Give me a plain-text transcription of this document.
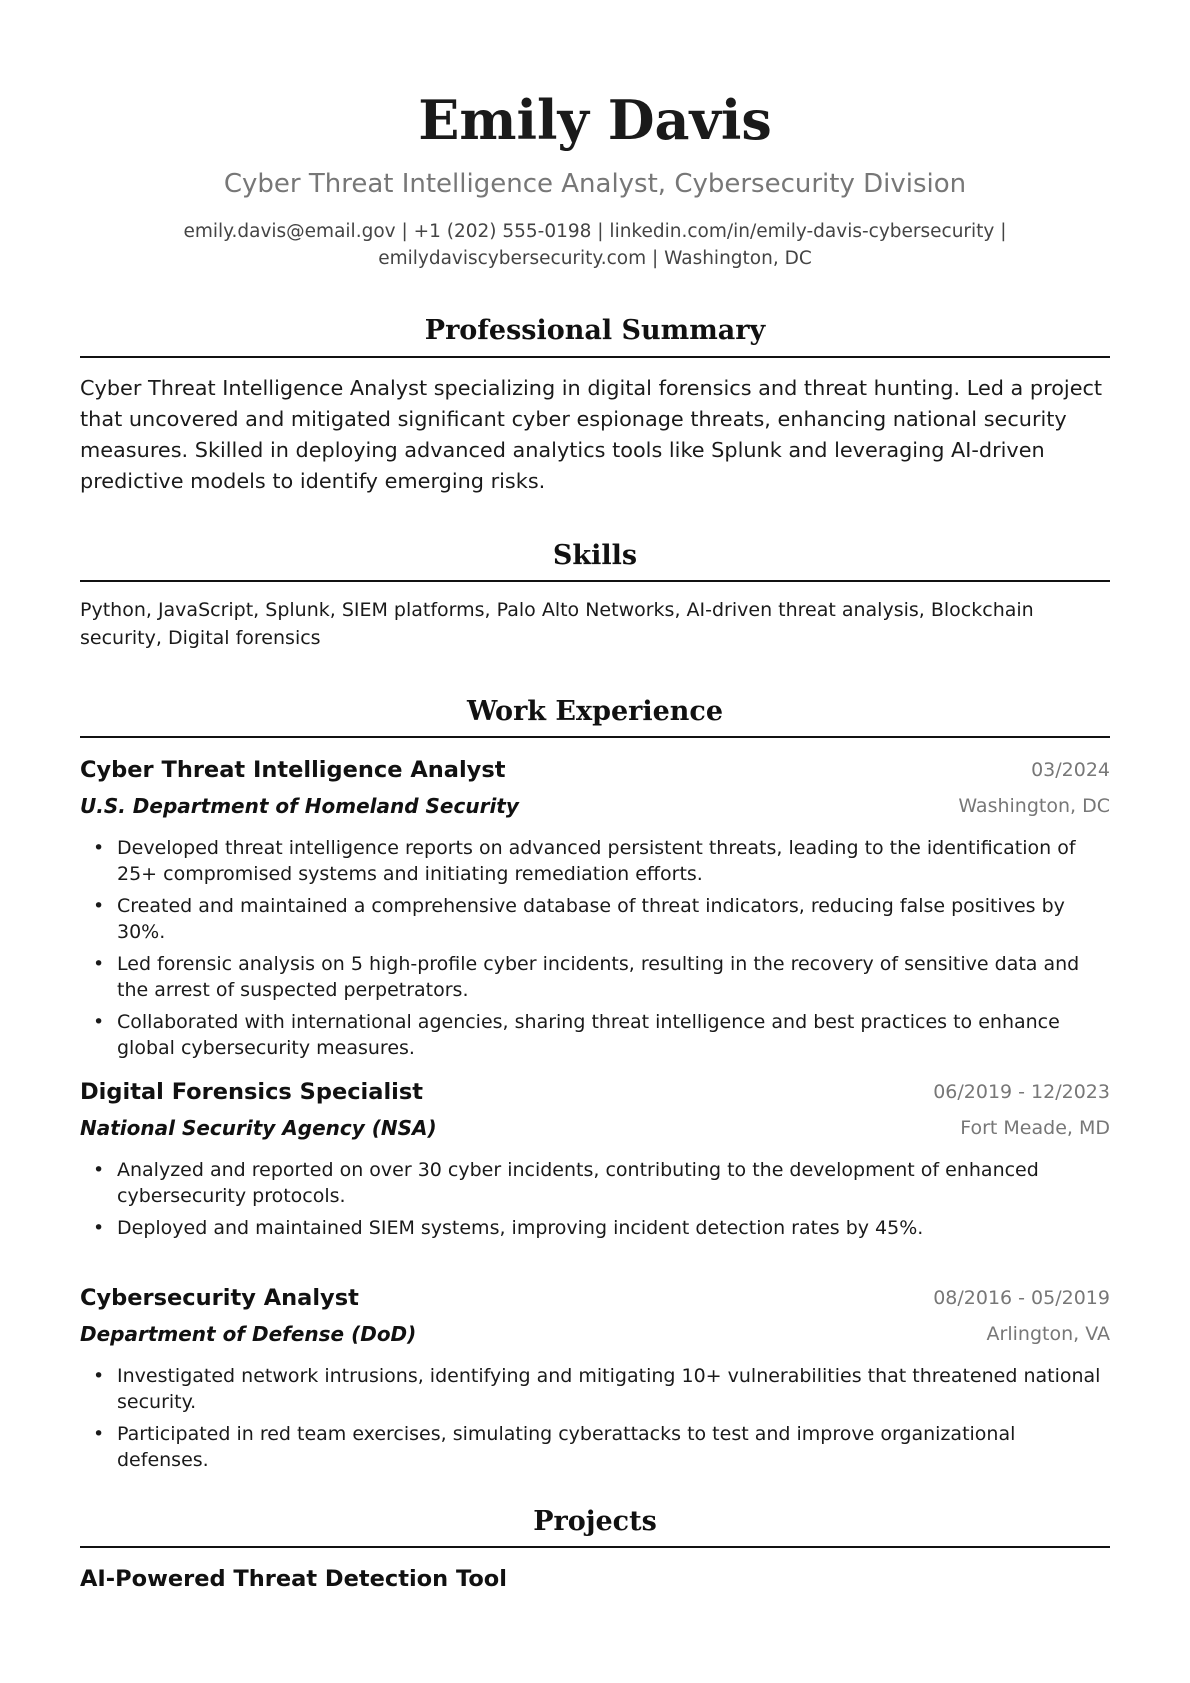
Emily Davis
Cyber Threat Intelligence Analyst, Cybersecurity Division
emily.davis@email.gov | +1 (202) 555-0198 | linkedin.com/in/emily-davis-cybersecurity |
emilydaviscybersecurity.com | Washington, DC
Professional Summary
Cyber Threat Intelligence Analyst specializing in digital forensics and threat hunting. Led a project that uncovered and mitigated significant cyber espionage threats, enhancing national security measures. Skilled in deploying advanced analytics tools like Splunk and leveraging AI-driven predictive models to identify emerging risks.
Skills
Python, JavaScript, Splunk, SIEM platforms, Palo Alto Networks, AI-driven threat analysis, Blockchain security, Digital forensics
Work Experience
Cyber Threat Intelligence Analyst	03/2024
U.S. Department of Homeland Security	Washington, DC
• Developed threat intelligence reports on advanced persistent threats, leading to the identification of 25+ compromised systems and initiating remediation efforts.
• Created and maintained a comprehensive database of threat indicators, reducing false positives by 30%.
• Led forensic analysis on 5 high-profile cyber incidents, resulting in the recovery of sensitive data and the arrest of suspected perpetrators.
• Collaborated with international agencies, sharing threat intelligence and best practices to enhance global cybersecurity measures.
Digital Forensics Specialist	06/2019 - 12/2023
National Security Agency (NSA)	Fort Meade, MD
• Analyzed and reported on over 30 cyber incidents, contributing to the development of enhanced cybersecurity protocols.
• Deployed and maintained SIEM systems, improving incident detection rates by 45%.
Cybersecurity Analyst	08/2016 - 05/2019
Department of Defense (DoD)	Arlington, VA
• Investigated network intrusions, identifying and mitigating 10+ vulnerabilities that threatened national security.
• Participated in red team exercises, simulating cyberattacks to test and improve organizational defenses.
Projects
AI-Powered Threat Detection Tool
